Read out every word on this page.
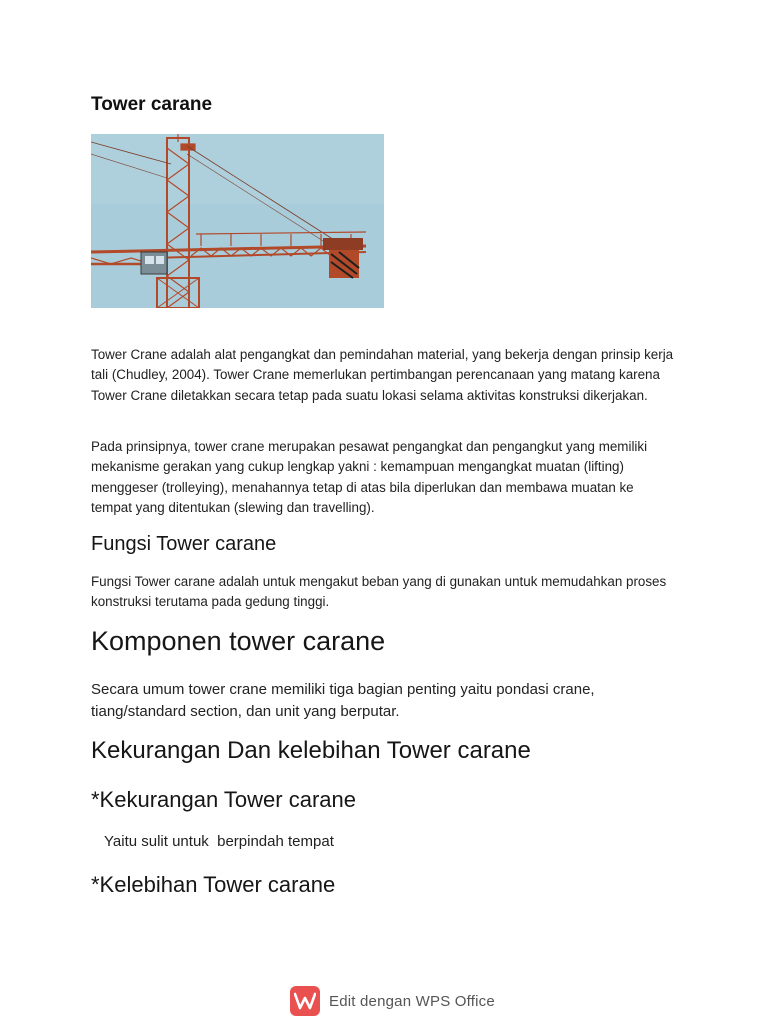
Tower carane

Tower Crane adalah alat pengangkat dan pemindahan material, yang bekerja dengan prinsip kerja tali (Chudley, 2004). Tower Crane memerlukan pertimbangan perencanaan yang matang karena Tower Crane diletakkan secara tetap pada suatu lokasi selama aktivitas konstruksi dikerjakan.

Pada prinsipnya, tower crane merupakan pesawat pengangkat dan pengangkut yang memiliki mekanisme gerakan yang cukup lengkap yakni : kemampuan mengangkat muatan (lifting) menggeser (trolleying), menahannya tetap di atas bila diperlukan dan membawa muatan ke tempat yang ditentukan (slewing dan travelling).

Fungsi Tower carane

Fungsi Tower carane adalah untuk mengakut beban yang di gunakan untuk memudahkan proses konstruksi terutama pada gedung tinggi.

Komponen tower carane

Secara umum tower crane memiliki tiga bagian penting yaitu pondasi crane, tiang/standard section, dan unit yang berputar.

Kekurangan Dan kelebihan Tower carane
*Kekurangan Tower carane

Yaitu sulit untuk  berpindah tempat

*Kelebihan Tower carane
Edit dengan WPS Office
